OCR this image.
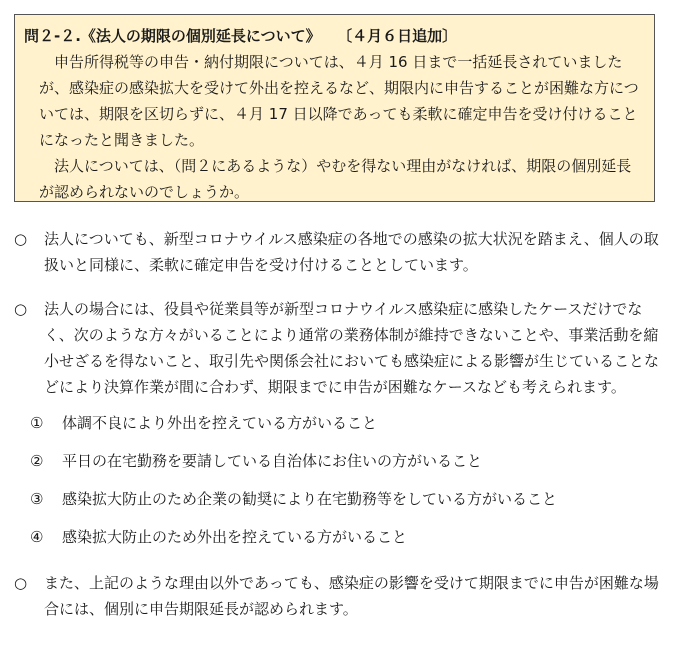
問２-２.《法人の期限の個別延長について》 〔４月６日追加〕

申告所得税等の申告・納付期限については、４月 16 日まで一括延長されていましたが、感染症の感染拡大を受けて外出を控えるなど、期限内に申告することが困難な方については、期限を区切らずに、４月 17 日以降であっても柔軟に確定申告を受け付けることになったと聞きました。

法人については、（問２にあるような）やむを得ない理由がなければ、期限の個別延長が認められないのでしょうか。

○	法人についても、新型コロナウイルス感染症の各地での感染の拡大状況を踏まえ、個人の取扱いと同様に、柔軟に確定申告を受け付けることとしています。
○	法人の場合には、役員や従業員等が新型コロナウイルス感染症に感染したケースだけでなく、次のような方々がいることにより通常の業務体制が維持できないことや、事業活動を縮小せざるを得ないこと、取引先や関係会社においても感染症による影響が生じていることなどにより決算作業が間に合わず、期限までに申告が困難なケースなども考えられます。
①	体調不良により外出を控えている方がいること
②	平日の在宅勤務を要請している自治体にお住いの方がいること
③	感染拡大防止のため企業の勧奨により在宅勤務等をしている方がいること
④	感染拡大防止のため外出を控えている方がいること
○	また、上記のような理由以外であっても、感染症の影響を受けて期限までに申告が困難な場合には、個別に申告期限延長が認められます。
